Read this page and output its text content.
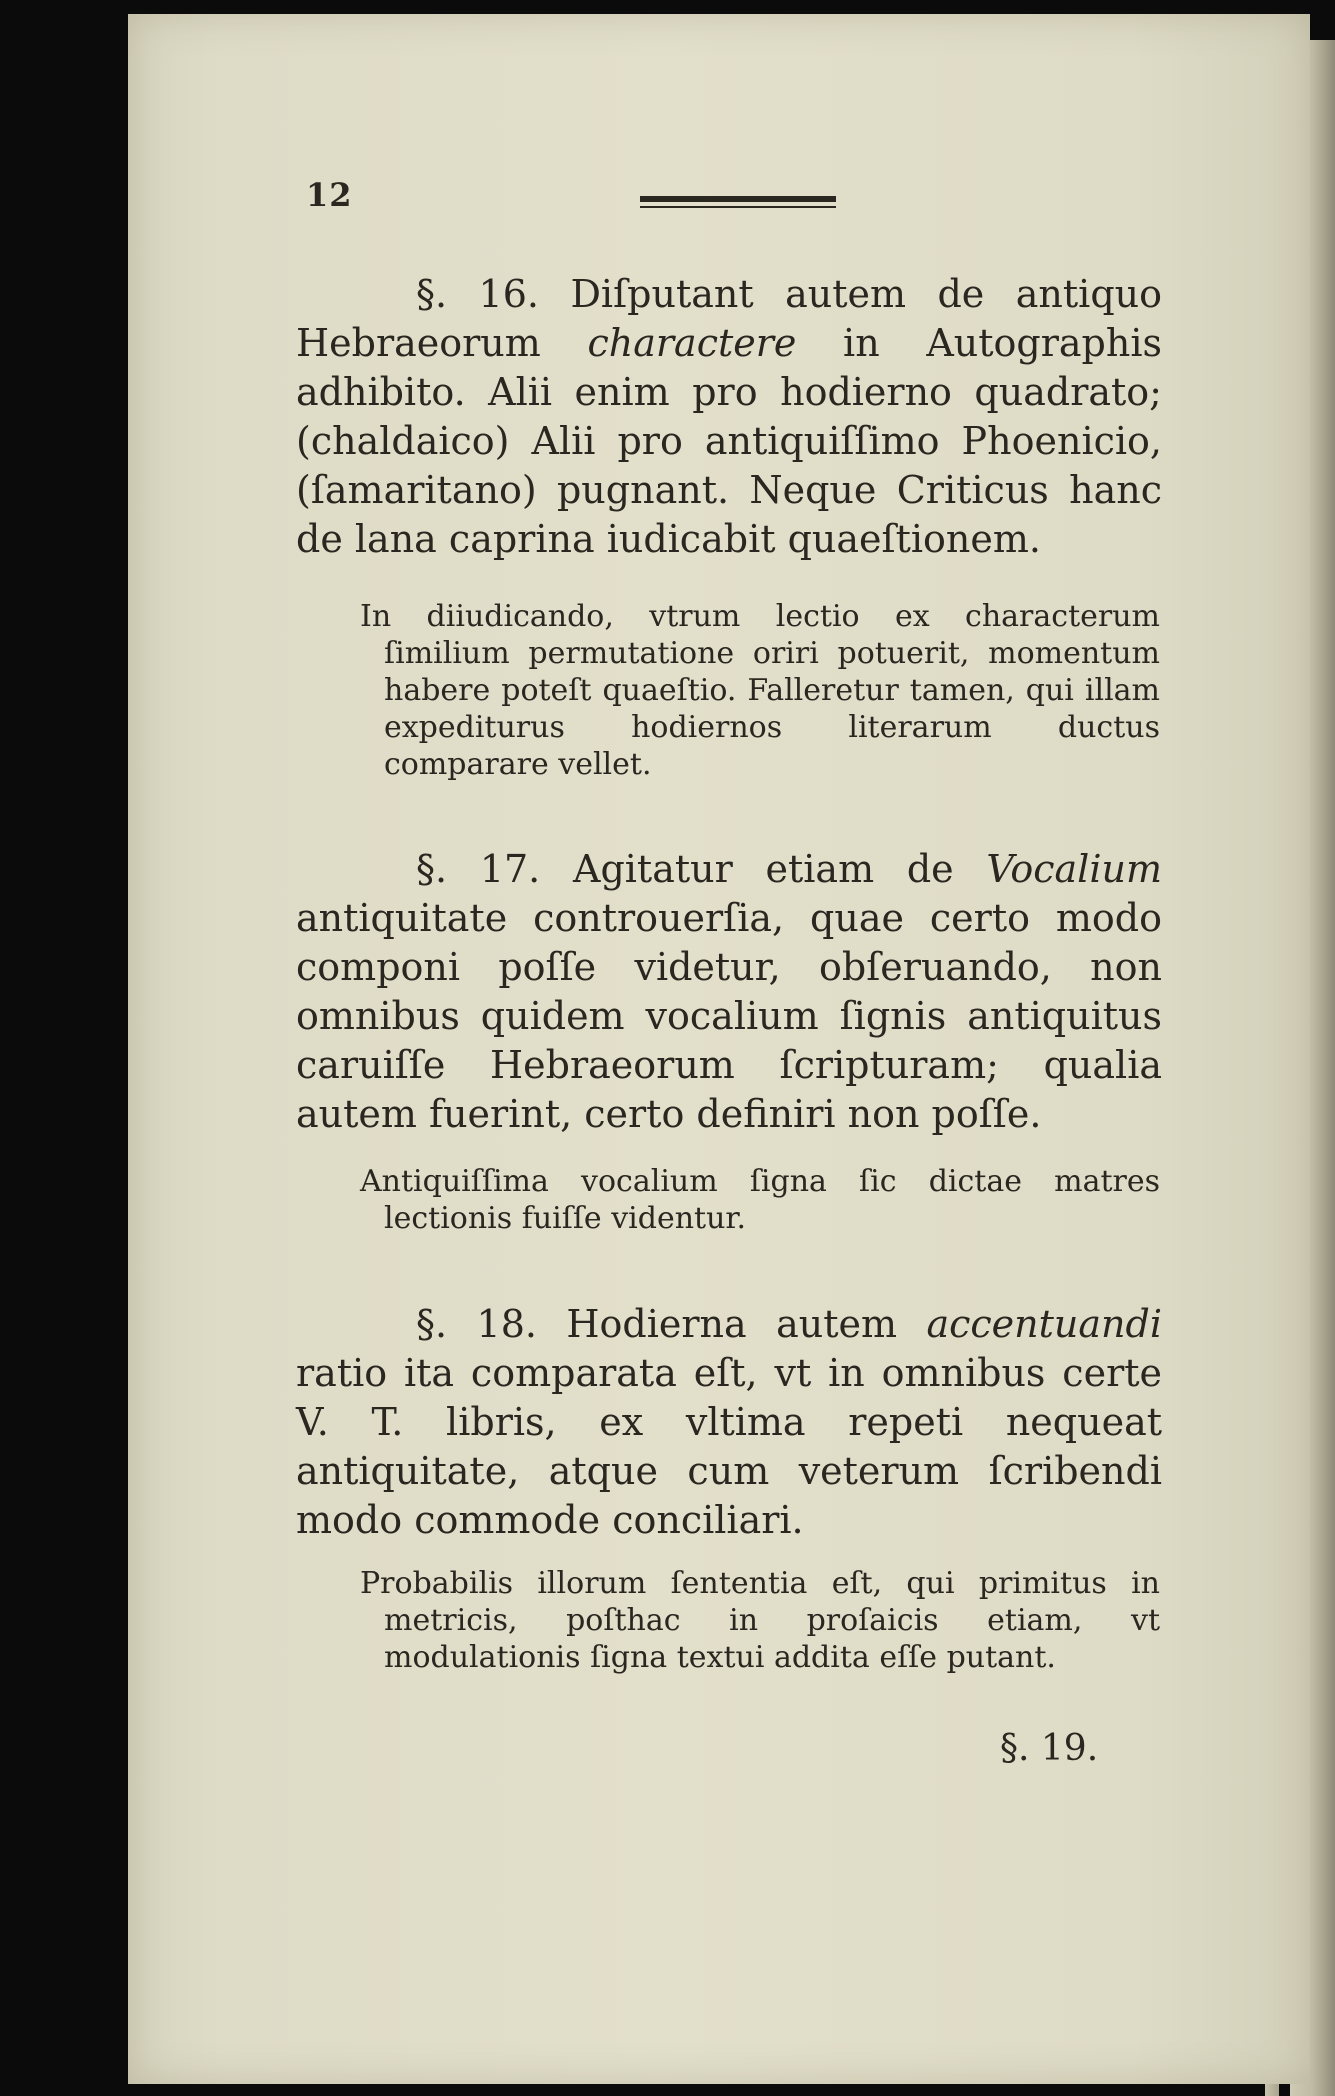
12

§. 16. Diſputant autem de antiquo Hebraeorum charactere in Autographis adhibito. Alii enim pro hodierno quadrato; (chaldaico) Alii pro antiquiſſimo Phoenicio, (ſamaritano) pugnant. Neque Criticus hanc de lana caprina iudicabit quaeſtionem.

In diiudicando, vtrum lectio ex characterum ſimilium permutatione oriri potuerit, momentum habere poteſt quaeſtio. Falleretur tamen, qui illam expediturus hodiernos literarum ductus comparare vellet.

§. 17. Agitatur etiam de Vocalium antiquitate controuerſia, quae certo modo componi poſſe videtur, obſeruando, non omnibus quidem vocalium ſignis antiquitus caruiſſe Hebraeorum ſcripturam; qualia autem fuerint, certo definiri non poſſe.

Antiquiſſima vocalium ſigna ſic dictae matres lectionis fuiſſe videntur.

§. 18. Hodierna autem accentuandi ratio ita comparata eſt, vt in omnibus certe V. T. libris, ex vltima repeti nequeat antiquitate, atque cum veterum ſcribendi modo commode conciliari.

Probabilis illorum ſententia eſt, qui primitus in metricis, poſthac in proſaicis etiam, vt modulationis ſigna textui addita eſſe putant.

§. 19.
